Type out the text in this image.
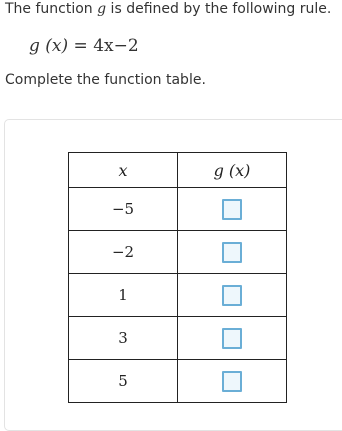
The function g is defined by the following rule.
g (x) = 4x−2
Complete the function table.
x	g (x)
−5	
−2	
1	
3	
5	
